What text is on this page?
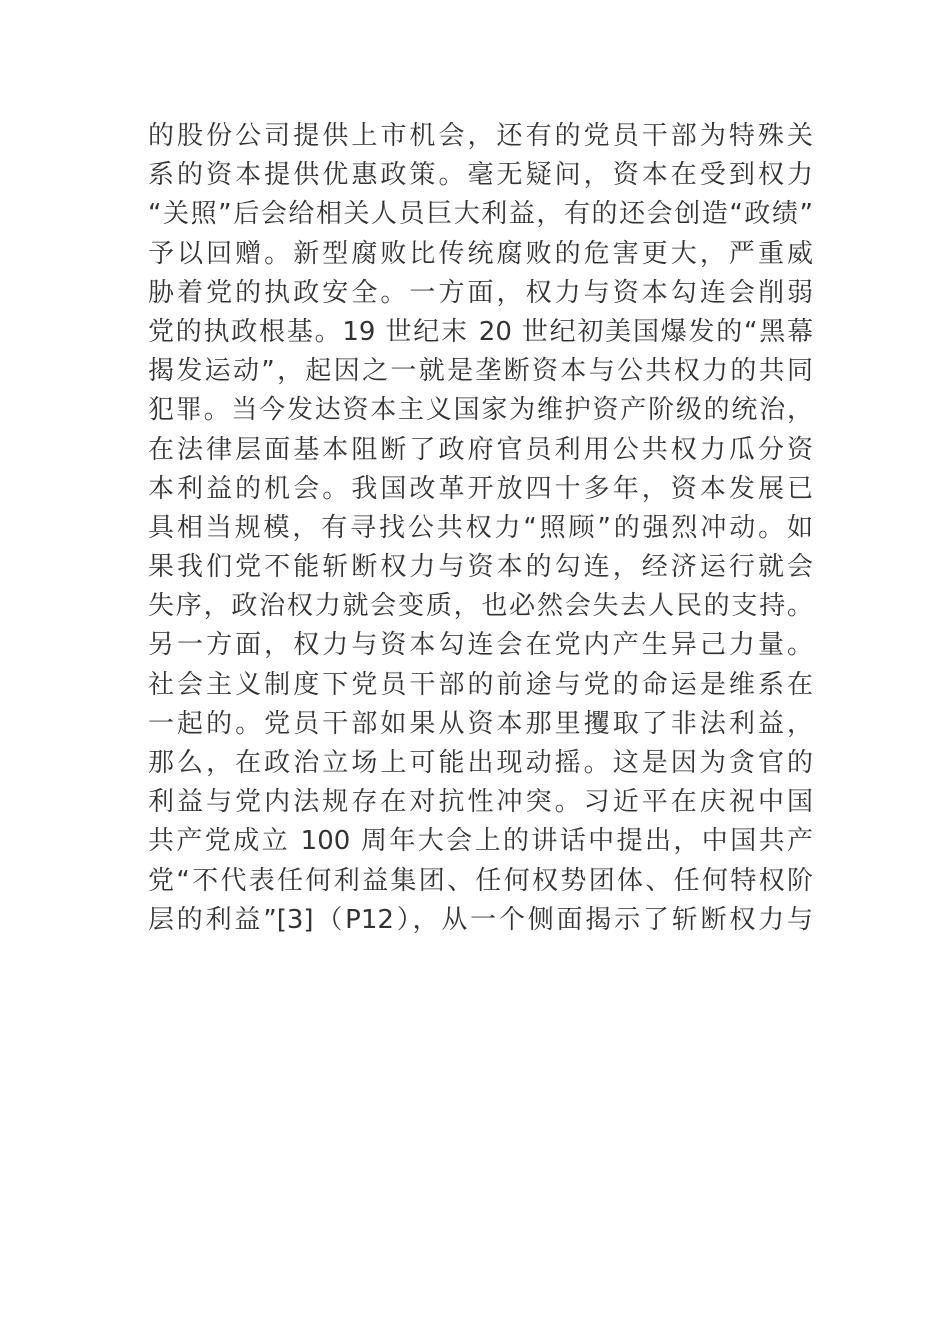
的股份公司提供上市机会，还有的党员干部为特殊关
系的资本提供优惠政策。毫无疑问，资本在受到权力
“关照”后会给相关人员巨大利益，有的还会创造“政绩”
予以回赠。新型腐败比传统腐败的危害更大，严重威
胁着党的执政安全。一方面，权力与资本勾连会削弱
党的执政根基。19 世纪末 20 世纪初美国爆发的“黑幕
揭发运动”，起因之一就是垄断资本与公共权力的共同
犯罪。当今发达资本主义国家为维护资产阶级的统治，
在法律层面基本阻断了政府官员利用公共权力瓜分资
本利益的机会。我国改革开放四十多年，资本发展已
具相当规模，有寻找公共权力“照顾”的强烈冲动。如
果我们党不能斩断权力与资本的勾连，经济运行就会
失序，政治权力就会变质，也必然会失去人民的支持。
另一方面，权力与资本勾连会在党内产生异己力量。
社会主义制度下党员干部的前途与党的命运是维系在
一起的。党员干部如果从资本那里攫取了非法利益，
那么，在政治立场上可能出现动摇。这是因为贪官的
利益与党内法规存在对抗性冲突。习近平在庆祝中国
共产党成立 100 周年大会上的讲话中提出，中国共产
党“不代表任何利益集团、任何权势团体、任何特权阶
层的利益”[3]（P12），从一个侧面揭示了斩断权力与
